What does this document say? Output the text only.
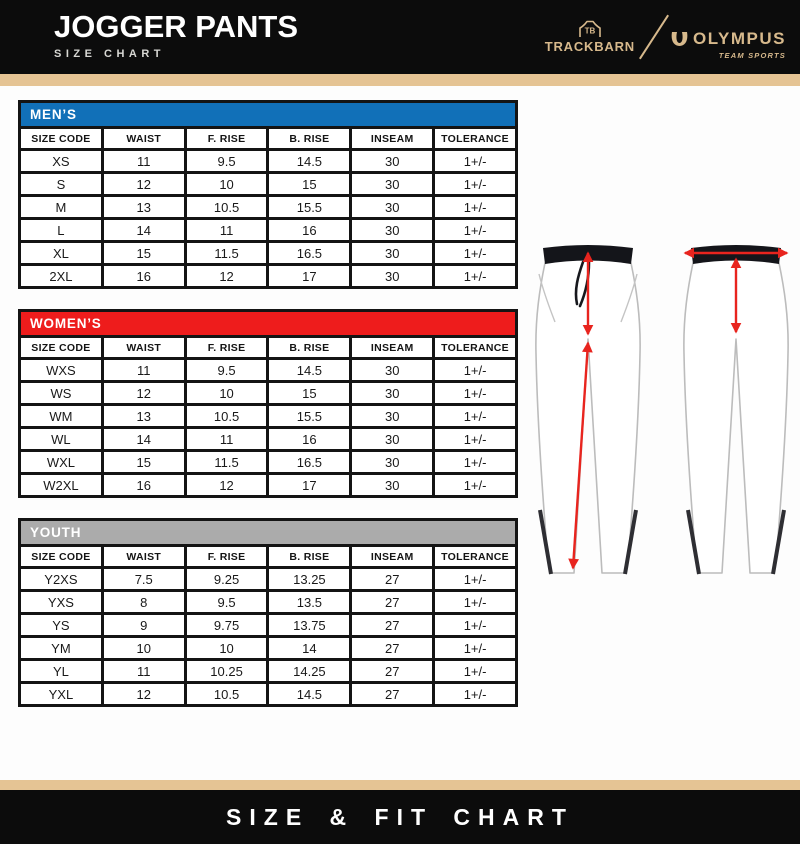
JOGGER PANTS
SIZE CHART
TB
TRACKBARN	OLYMPUS
TEAM SPORTS
MEN’S					
SIZE CODE	WAIST	F. RISE	B. RISE	INSEAM	TOLERANCE
XS	11	9.5	14.5	30	1+/-
S	12	10	15	30	1+/-
M	13	10.5	15.5	30	1+/-
L	14	11	16	30	1+/-
XL	15	11.5	16.5	30	1+/-
2XL	16	12	17	30	1+/-
WOMEN’S					
SIZE CODE	WAIST	F. RISE	B. RISE	INSEAM	TOLERANCE
WXS	11	9.5	14.5	30	1+/-
WS	12	10	15	30	1+/-
WM	13	10.5	15.5	30	1+/-
WL	14	11	16	30	1+/-
WXL	15	11.5	16.5	30	1+/-
W2XL	16	12	17	30	1+/-
YOUTH					
SIZE CODE	WAIST	F. RISE	B. RISE	INSEAM	TOLERANCE
Y2XS	7.5	9.25	13.25	27	1+/-
YXS	8	9.5	13.5	27	1+/-
YS	9	9.75	13.75	27	1+/-
YM	10	10	14	27	1+/-
YL	11	10.25	14.25	27	1+/-
YXL	12	10.5	14.5	27	1+/-
SIZE & FIT CHART
